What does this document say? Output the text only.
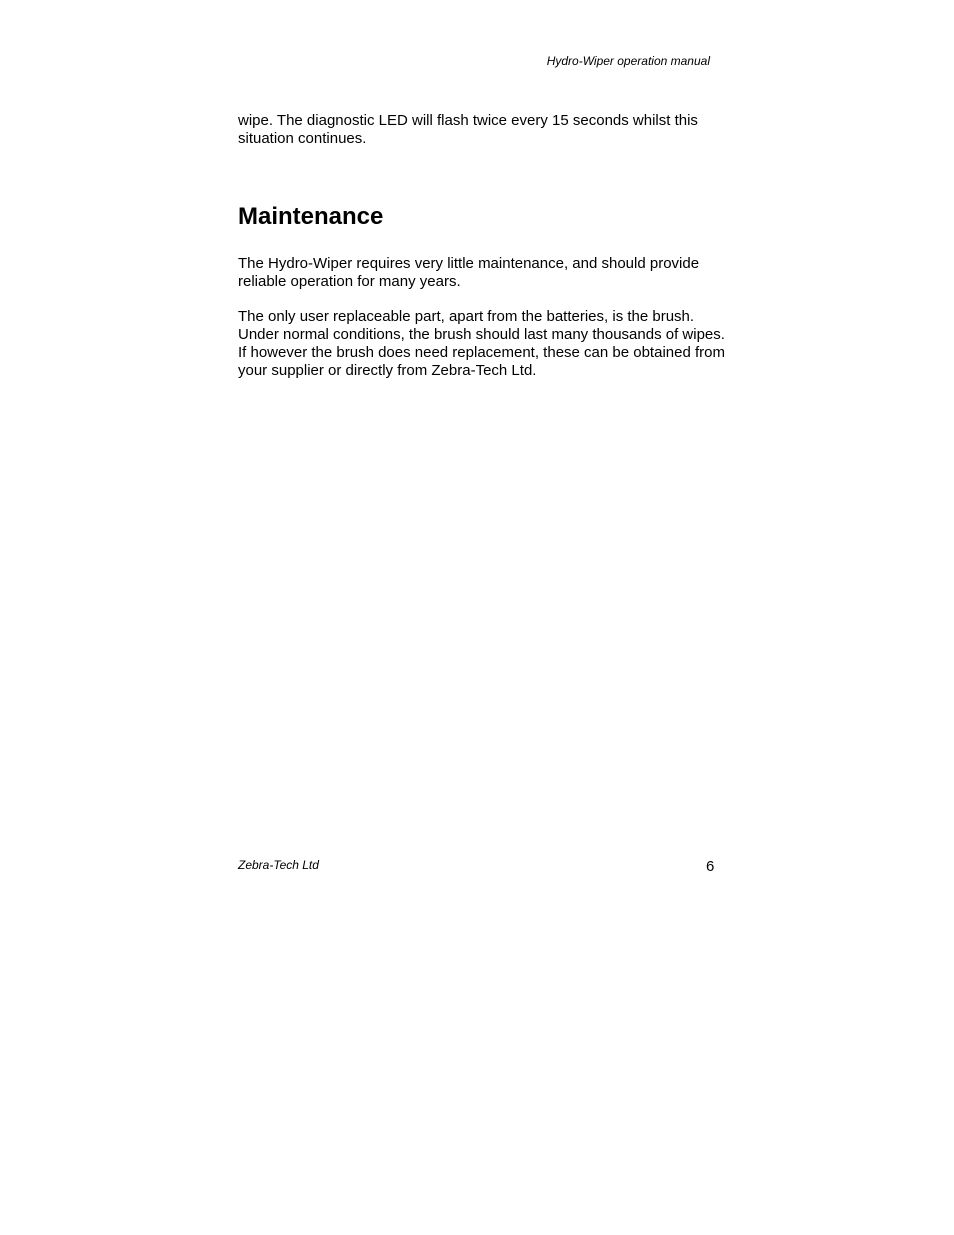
Hydro-Wiper operation manual

wipe. The diagnostic LED will flash twice every 15 seconds whilst this situation continues.

Maintenance

The Hydro-Wiper requires very little maintenance, and should provide reliable operation for many years.

The only user replaceable part, apart from the batteries, is the brush. Under normal conditions, the brush should last many thousands of wipes. If however the brush does need replacement, these can be obtained from your supplier or directly from Zebra-Tech Ltd.

Zebra-Tech Ltd	6
